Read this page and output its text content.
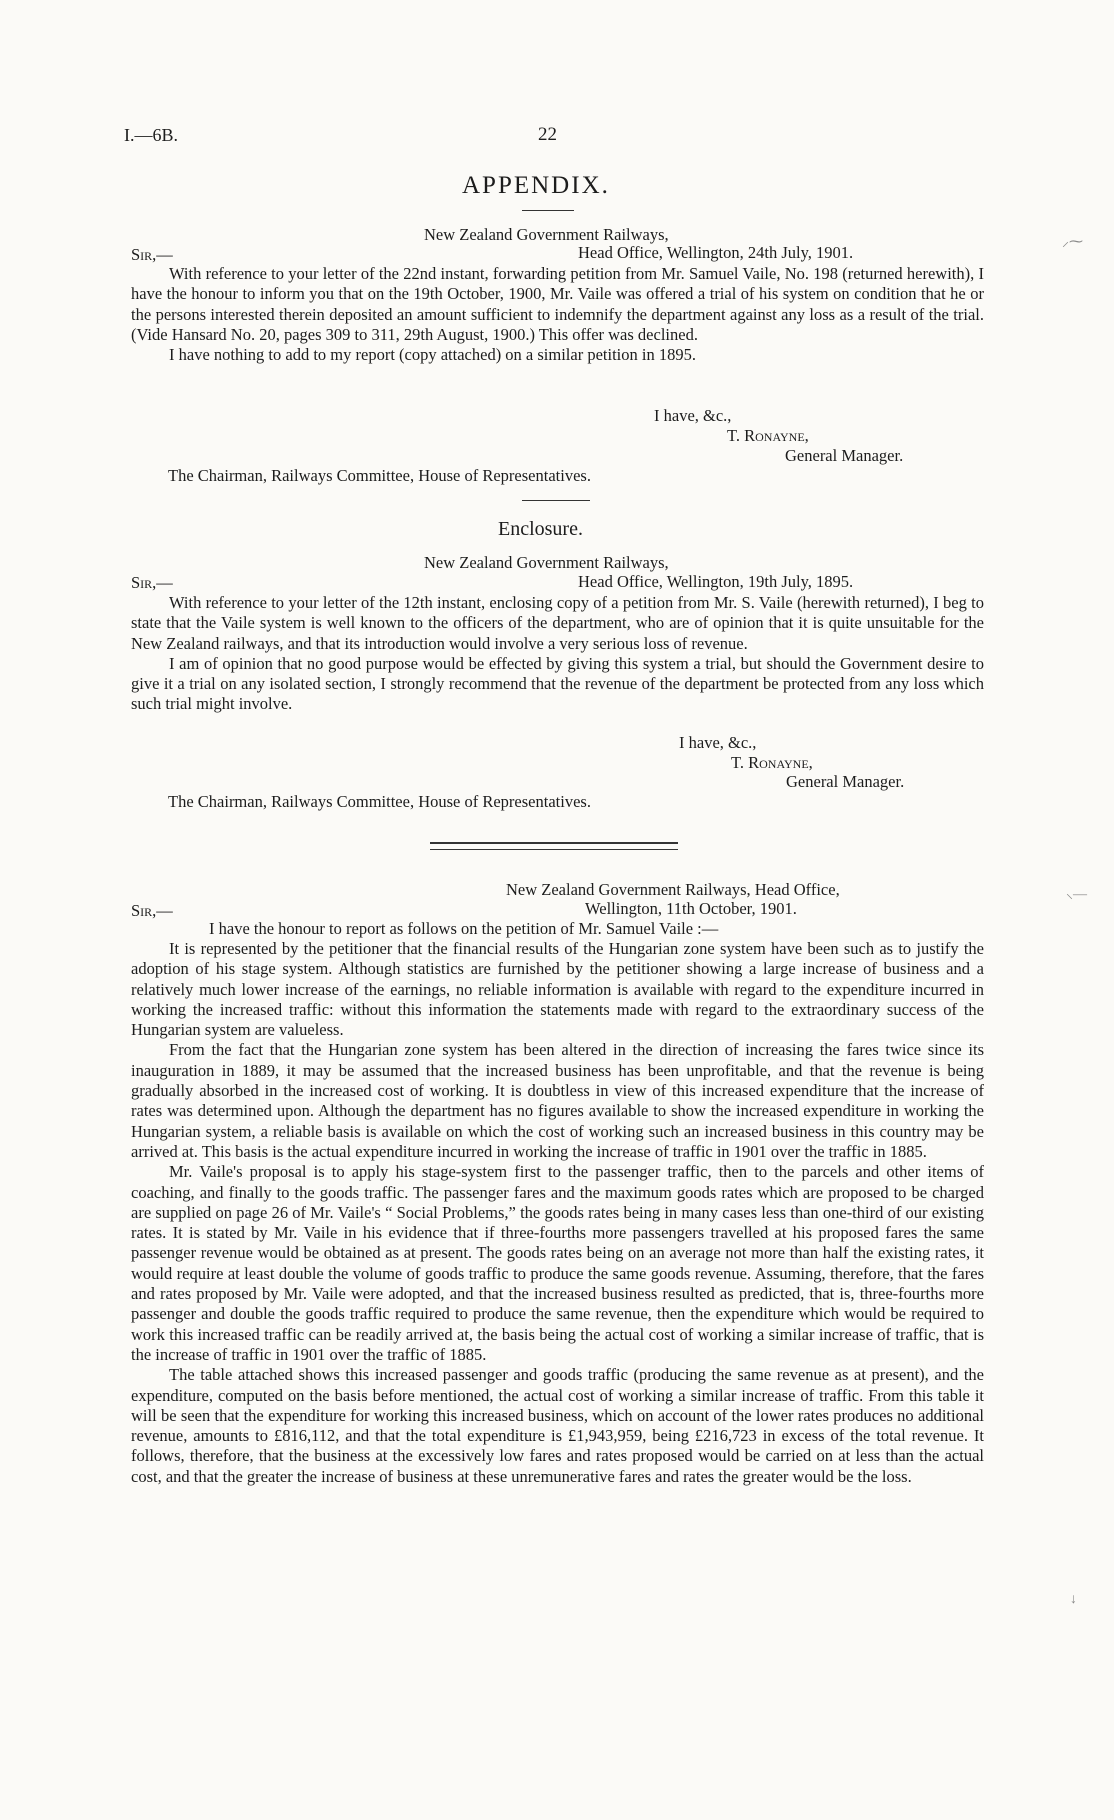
I.—6B.	22
APPENDIX.
New Zealand Government Railways,
Sir,—	Head Office, Wellington, 24th July, 1901.

With reference to your letter of the 22nd instant, forwarding petition from Mr. Samuel Vaile, No. 198 (returned herewith), I have the honour to inform you that on the 19th October, 1900, Mr. Vaile was offered a trial of his system on condition that he or the persons interested therein deposited an amount sufficient to indemnify the department against any loss as a result of the trial. (Vide Hansard No. 20, pages 309 to 311, 29th August, 1900.) This offer was declined.

I have nothing to add to my report (copy attached) on a similar petition in 1895.

I have, &c.,
T. Ronayne,
General Manager.
The Chairman, Railways Committee, House of Representatives.
Enclosure.
New Zealand Government Railways,
Sir,—	Head Office, Wellington, 19th July, 1895.

With reference to your letter of the 12th instant, enclosing copy of a petition from Mr. S. Vaile (herewith returned), I beg to state that the Vaile system is well known to the officers of the department, who are of opinion that it is quite unsuitable for the New Zealand railways, and that its introduction would involve a very serious loss of revenue.

I am of opinion that no good purpose would be effected by giving this system a trial, but should the Government desire to give it a trial on any isolated section, I strongly recommend that the revenue of the department be protected from any loss which such trial might involve.

I have, &c.,
T. Ronayne,
General Manager.
The Chairman, Railways Committee, House of Representatives.
New Zealand Government Railways, Head Office,
Sir,—	Wellington, 11th October, 1901.
I have the honour to report as follows on the petition of Mr. Samuel Vaile :—

It is represented by the petitioner that the financial results of the Hungarian zone system have been such as to justify the adoption of his stage system. Although statistics are furnished by the petitioner showing a large increase of business and a relatively much lower increase of the earnings, no reliable information is available with regard to the expenditure incurred in working the increased traffic: without this information the statements made with regard to the extraordinary success of the Hungarian system are valueless.

From the fact that the Hungarian zone system has been altered in the direction of increasing the fares twice since its inauguration in 1889, it may be assumed that the increased business has been unprofitable, and that the revenue is being gradually absorbed in the increased cost of working. It is doubtless in view of this increased expenditure that the increase of rates was determined upon. Although the department has no figures available to show the increased expenditure in working the Hungarian system, a reliable basis is available on which the cost of working such an increased business in this country may be arrived at. This basis is the actual expenditure incurred in working the increase of traffic in 1901 over the traffic in 1885.

Mr. Vaile's proposal is to apply his stage-system first to the passenger traffic, then to the parcels and other items of coaching, and finally to the goods traffic. The passenger fares and the maximum goods rates which are proposed to be charged are supplied on page 26 of Mr. Vaile's “ Social Problems,” the goods rates being in many cases less than one-third of our existing rates. It is stated by Mr. Vaile in his evidence that if three-fourths more passengers travelled at his proposed fares the same passenger revenue would be obtained as at present. The goods rates being on an average not more than half the existing rates, it would require at least double the volume of goods traffic to produce the same goods revenue. Assuming, therefore, that the fares and rates proposed by Mr. Vaile were adopted, and that the increased business resulted as predicted, that is, three-fourths more passenger and double the goods traffic required to produce the same revenue, then the expenditure which would be required to work this increased traffic can be readily arrived at, the basis being the actual cost of working a similar increase of traffic, that is the increase of traffic in 1901 over the traffic of 1885.

The table attached shows this increased passenger and goods traffic (producing the same revenue as at present), and the expenditure, computed on the basis before mentioned, the actual cost of working a similar increase of traffic. From this table it will be seen that the expenditure for working this increased business, which on account of the lower rates produces no additional revenue, amounts to £816,112, and that the total expenditure is £1,943,959, being £216,723 in excess of the total revenue. It follows, therefore, that the business at the excessively low fares and rates proposed would be carried on at less than the actual cost, and that the greater the increase of business at these unremunerative fares and rates the greater would be the loss.

⸝⁓
⸜—
↓
